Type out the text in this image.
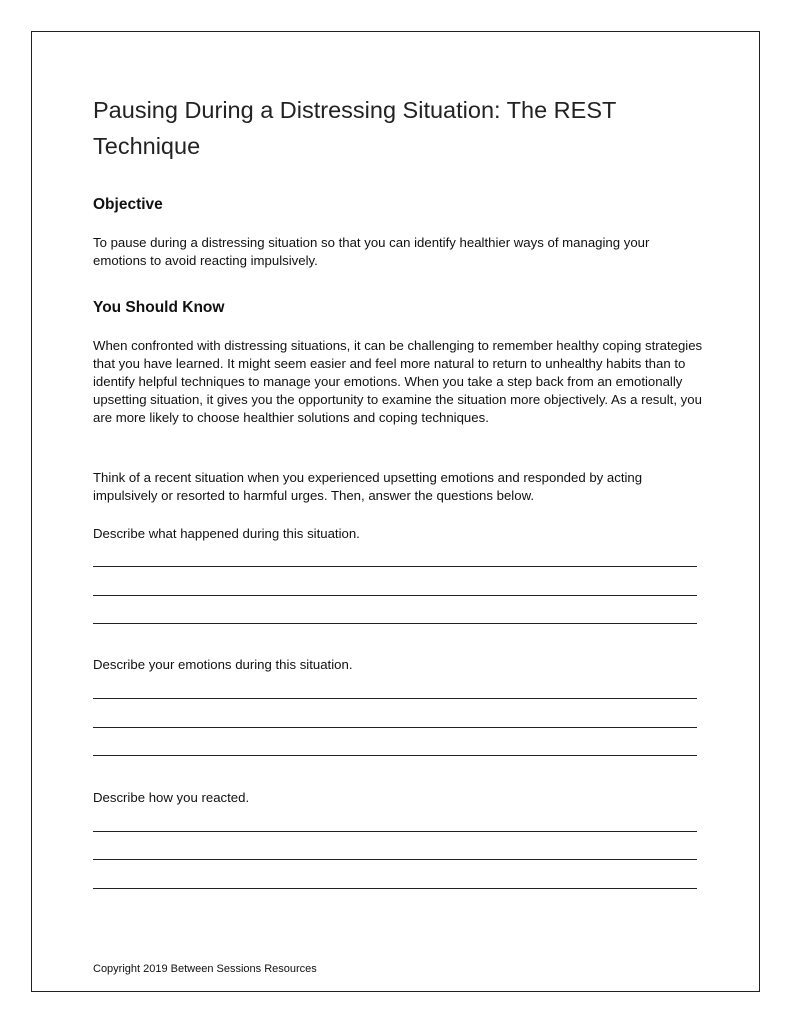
Pausing During a Distressing Situation: The REST Technique
Objective

To pause during a distressing situation so that you can identify healthier ways of managing your emotions to avoid reacting impulsively.

You Should Know

When confronted with distressing situations, it can be challenging to remember healthy coping strategies that you have learned. It might seem easier and feel more natural to return to unhealthy habits than to identify helpful techniques to manage your emotions. When you take a step back from an emotionally upsetting situation, it gives you the opportunity to examine the situation more objectively. As a result, you are more likely to choose healthier solutions and coping techniques.

Think of a recent situation when you experienced upsetting emotions and responded by acting impulsively or resorted to harmful urges. Then, answer the questions below.

Describe what happened during this situation.

Describe your emotions during this situation.

Describe how you reacted.

Copyright 2019 Between Sessions Resources
